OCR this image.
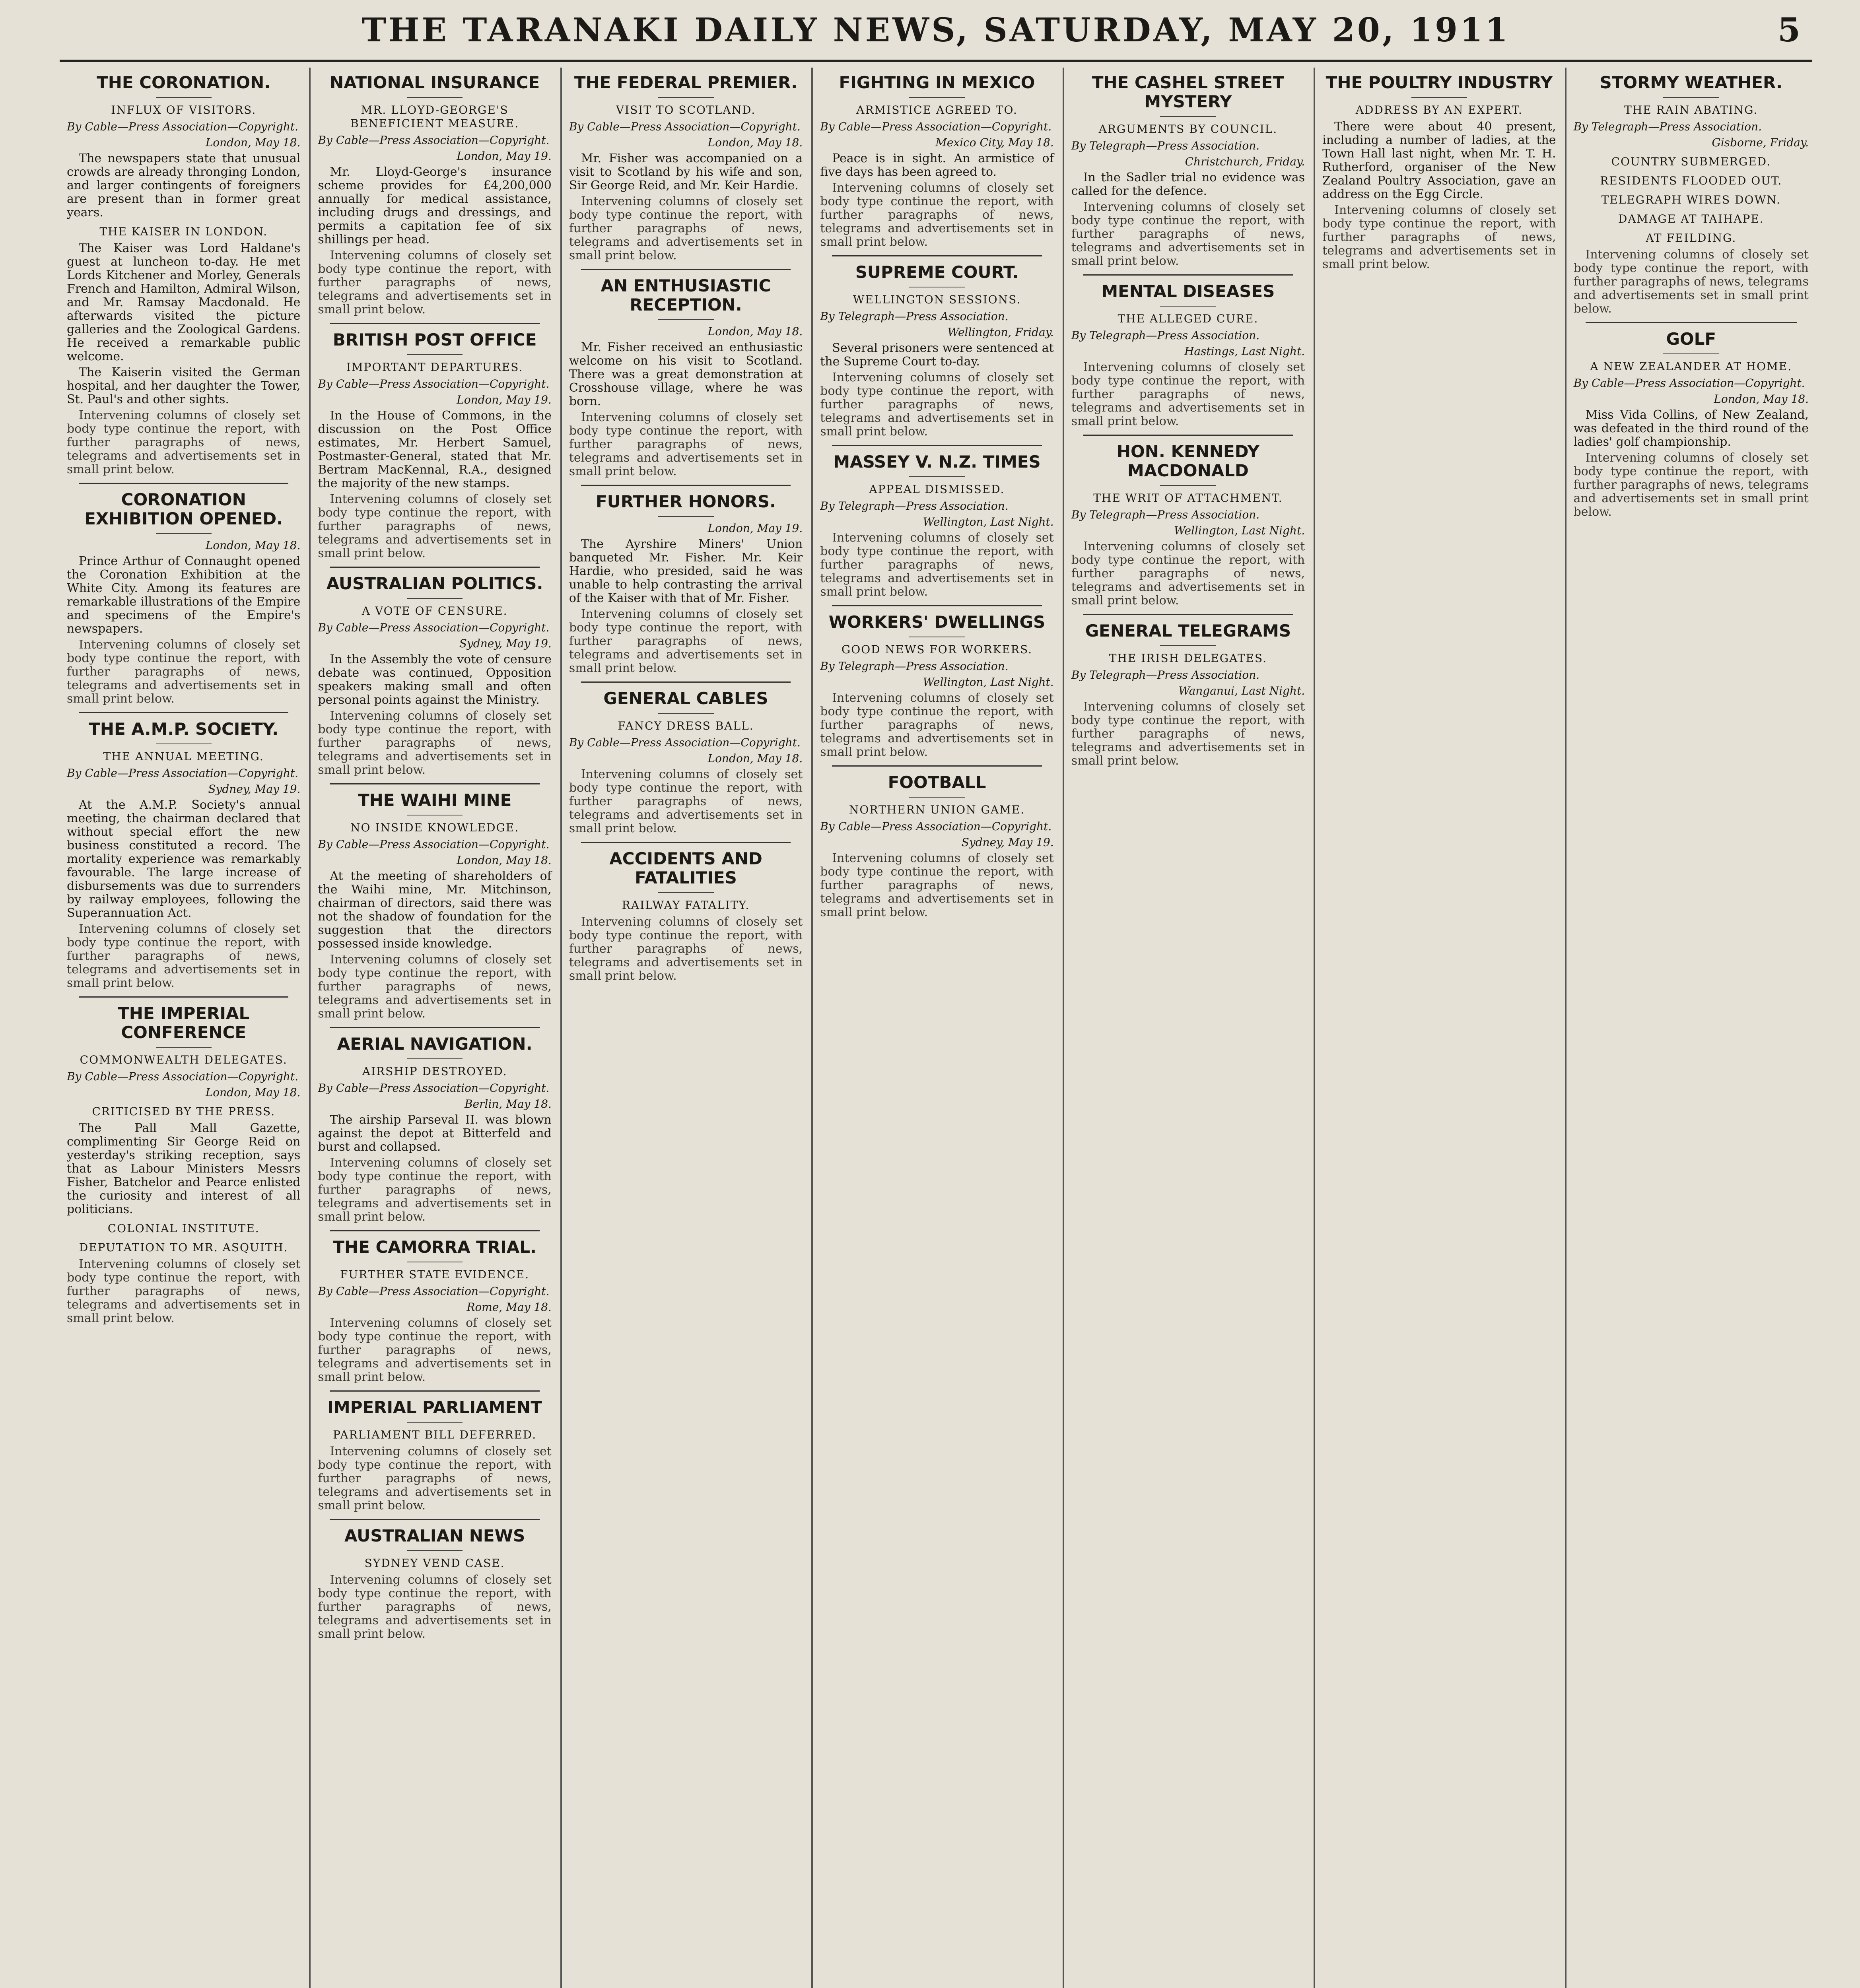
THE TARANAKI DAILY NEWS, SATURDAY, MAY 20, 1911	5
THE CORONATION.
INFLUX OF VISITORS.
By Cable—Press Association—Copyright.
London, May 18.
The newspapers state that unusual crowds are already thronging London, and larger contingents of foreigners are present than in former great years.
THE KAISER IN LONDON.
The Kaiser was Lord Haldane's guest at luncheon to-day. He met Lords Kitchener and Morley, Generals French and Hamilton, Admiral Wilson, and Mr. Ramsay Macdonald. He afterwards visited the picture galleries and the Zoological Gardens. He received a remarkable public welcome.
The Kaiserin visited the German hospital, and her daughter the Tower, St. Paul's and other sights.
Intervening columns of closely set body type continue the report, with further paragraphs of news, telegrams and advertisements set in small print below.
CORONATION EXHIBITION OPENED.
London, May 18.
Prince Arthur of Connaught opened the Coronation Exhibition at the White City. Among its features are remarkable illustrations of the Empire and specimens of the Empire's newspapers.
Intervening columns of closely set body type continue the report, with further paragraphs of news, telegrams and advertisements set in small print below.
THE A.M.P. SOCIETY.
THE ANNUAL MEETING.
By Cable—Press Association—Copyright.
Sydney, May 19.
At the A.M.P. Society's annual meeting, the chairman declared that without special effort the new business constituted a record. The mortality experience was remarkably favourable. The large increase of disbursements was due to surrenders by railway employees, following the Superannuation Act.
Intervening columns of closely set body type continue the report, with further paragraphs of news, telegrams and advertisements set in small print below.
THE IMPERIAL CONFERENCE
COMMONWEALTH DELEGATES.
By Cable—Press Association—Copyright.
London, May 18.
CRITICISED BY THE PRESS.
The Pall Mall Gazette, complimenting Sir George Reid on yesterday's striking reception, says that as Labour Ministers Messrs Fisher, Batchelor and Pearce enlisted the curiosity and interest of all politicians.
COLONIAL INSTITUTE.
DEPUTATION TO MR. ASQUITH.
Intervening columns of closely set body type continue the report, with further paragraphs of news, telegrams and advertisements set in small print below.
NATIONAL INSURANCE
MR. LLOYD-GEORGE'S BENEFICIENT MEASURE.
By Cable—Press Association—Copyright.
London, May 19.
Mr. Lloyd-George's insurance scheme provides for £4,200,000 annually for medical assistance, including drugs and dressings, and permits a capitation fee of six shillings per head.
Intervening columns of closely set body type continue the report, with further paragraphs of news, telegrams and advertisements set in small print below.
BRITISH POST OFFICE
IMPORTANT DEPARTURES.
By Cable—Press Association—Copyright.
London, May 19.
In the House of Commons, in the discussion on the Post Office estimates, Mr. Herbert Samuel, Postmaster-General, stated that Mr. Bertram MacKennal, R.A., designed the majority of the new stamps.
Intervening columns of closely set body type continue the report, with further paragraphs of news, telegrams and advertisements set in small print below.
AUSTRALIAN POLITICS.
A VOTE OF CENSURE.
By Cable—Press Association—Copyright.
Sydney, May 19.
In the Assembly the vote of censure debate was continued, Opposition speakers making small and often personal points against the Ministry.
Intervening columns of closely set body type continue the report, with further paragraphs of news, telegrams and advertisements set in small print below.
THE WAIHI MINE
NO INSIDE KNOWLEDGE.
By Cable—Press Association—Copyright.
London, May 18.
At the meeting of shareholders of the Waihi mine, Mr. Mitchinson, chairman of directors, said there was not the shadow of foundation for the suggestion that the directors possessed inside knowledge.
Intervening columns of closely set body type continue the report, with further paragraphs of news, telegrams and advertisements set in small print below.
AERIAL NAVIGATION.
AIRSHIP DESTROYED.
By Cable—Press Association—Copyright.
Berlin, May 18.
The airship Parseval II. was blown against the depot at Bitterfeld and burst and collapsed.
Intervening columns of closely set body type continue the report, with further paragraphs of news, telegrams and advertisements set in small print below.
THE CAMORRA TRIAL.
FURTHER STATE EVIDENCE.
By Cable—Press Association—Copyright.
Rome, May 18.
Intervening columns of closely set body type continue the report, with further paragraphs of news, telegrams and advertisements set in small print below.
IMPERIAL PARLIAMENT
PARLIAMENT BILL DEFERRED.
Intervening columns of closely set body type continue the report, with further paragraphs of news, telegrams and advertisements set in small print below.
AUSTRALIAN NEWS
SYDNEY VEND CASE.
Intervening columns of closely set body type continue the report, with further paragraphs of news, telegrams and advertisements set in small print below.
THE FEDERAL PREMIER.
VISIT TO SCOTLAND.
By Cable—Press Association—Copyright.
London, May 18.
Mr. Fisher was accompanied on a visit to Scotland by his wife and son, Sir George Reid, and Mr. Keir Hardie.
Intervening columns of closely set body type continue the report, with further paragraphs of news, telegrams and advertisements set in small print below.
AN ENTHUSIASTIC RECEPTION.
London, May 18.
Mr. Fisher received an enthusiastic welcome on his visit to Scotland. There was a great demonstration at Crosshouse village, where he was born.
Intervening columns of closely set body type continue the report, with further paragraphs of news, telegrams and advertisements set in small print below.
FURTHER HONORS.
London, May 19.
The Ayrshire Miners' Union banqueted Mr. Fisher. Mr. Keir Hardie, who presided, said he was unable to help contrasting the arrival of the Kaiser with that of Mr. Fisher.
Intervening columns of closely set body type continue the report, with further paragraphs of news, telegrams and advertisements set in small print below.
GENERAL CABLES
FANCY DRESS BALL.
By Cable—Press Association—Copyright.
London, May 18.
Intervening columns of closely set body type continue the report, with further paragraphs of news, telegrams and advertisements set in small print below.
ACCIDENTS AND FATALITIES
RAILWAY FATALITY.
Intervening columns of closely set body type continue the report, with further paragraphs of news, telegrams and advertisements set in small print below.
FIGHTING IN MEXICO
ARMISTICE AGREED TO.
By Cable—Press Association—Copyright.
Mexico City, May 18.
Peace is in sight. An armistice of five days has been agreed to.
Intervening columns of closely set body type continue the report, with further paragraphs of news, telegrams and advertisements set in small print below.
SUPREME COURT.
WELLINGTON SESSIONS.
By Telegraph—Press Association.
Wellington, Friday.
Several prisoners were sentenced at the Supreme Court to-day.
Intervening columns of closely set body type continue the report, with further paragraphs of news, telegrams and advertisements set in small print below.
MASSEY V. N.Z. TIMES
APPEAL DISMISSED.
By Telegraph—Press Association.
Wellington, Last Night.
Intervening columns of closely set body type continue the report, with further paragraphs of news, telegrams and advertisements set in small print below.
WORKERS' DWELLINGS
GOOD NEWS FOR WORKERS.
By Telegraph—Press Association.
Wellington, Last Night.
Intervening columns of closely set body type continue the report, with further paragraphs of news, telegrams and advertisements set in small print below.
FOOTBALL
NORTHERN UNION GAME.
By Cable—Press Association—Copyright.
Sydney, May 19.
Intervening columns of closely set body type continue the report, with further paragraphs of news, telegrams and advertisements set in small print below.
THE CASHEL STREET MYSTERY
ARGUMENTS BY COUNCIL.
By Telegraph—Press Association.
Christchurch, Friday.
In the Sadler trial no evidence was called for the defence.
Intervening columns of closely set body type continue the report, with further paragraphs of news, telegrams and advertisements set in small print below.
MENTAL DISEASES
THE ALLEGED CURE.
By Telegraph—Press Association.
Hastings, Last Night.
Intervening columns of closely set body type continue the report, with further paragraphs of news, telegrams and advertisements set in small print below.
HON. KENNEDY MACDONALD
THE WRIT OF ATTACHMENT.
By Telegraph—Press Association.
Wellington, Last Night.
Intervening columns of closely set body type continue the report, with further paragraphs of news, telegrams and advertisements set in small print below.
GENERAL TELEGRAMS
THE IRISH DELEGATES.
By Telegraph—Press Association.
Wanganui, Last Night.
Intervening columns of closely set body type continue the report, with further paragraphs of news, telegrams and advertisements set in small print below.
THE POULTRY INDUSTRY
ADDRESS BY AN EXPERT.
There were about 40 present, including a number of ladies, at the Town Hall last night, when Mr. T. H. Rutherford, organiser of the New Zealand Poultry Association, gave an address on the Egg Circle.
Intervening columns of closely set body type continue the report, with further paragraphs of news, telegrams and advertisements set in small print below.
STORMY WEATHER.
THE RAIN ABATING.
By Telegraph—Press Association.
Gisborne, Friday.
COUNTRY SUBMERGED.
RESIDENTS FLOODED OUT.
TELEGRAPH WIRES DOWN.
DAMAGE AT TAIHAPE.
AT FEILDING.
Intervening columns of closely set body type continue the report, with further paragraphs of news, telegrams and advertisements set in small print below.
GOLF
A NEW ZEALANDER AT HOME.
By Cable—Press Association—Copyright.
London, May 18.
Miss Vida Collins, of New Zealand, was defeated in the third round of the ladies' golf championship.
Intervening columns of closely set body type continue the report, with further paragraphs of news, telegrams and advertisements set in small print below.
